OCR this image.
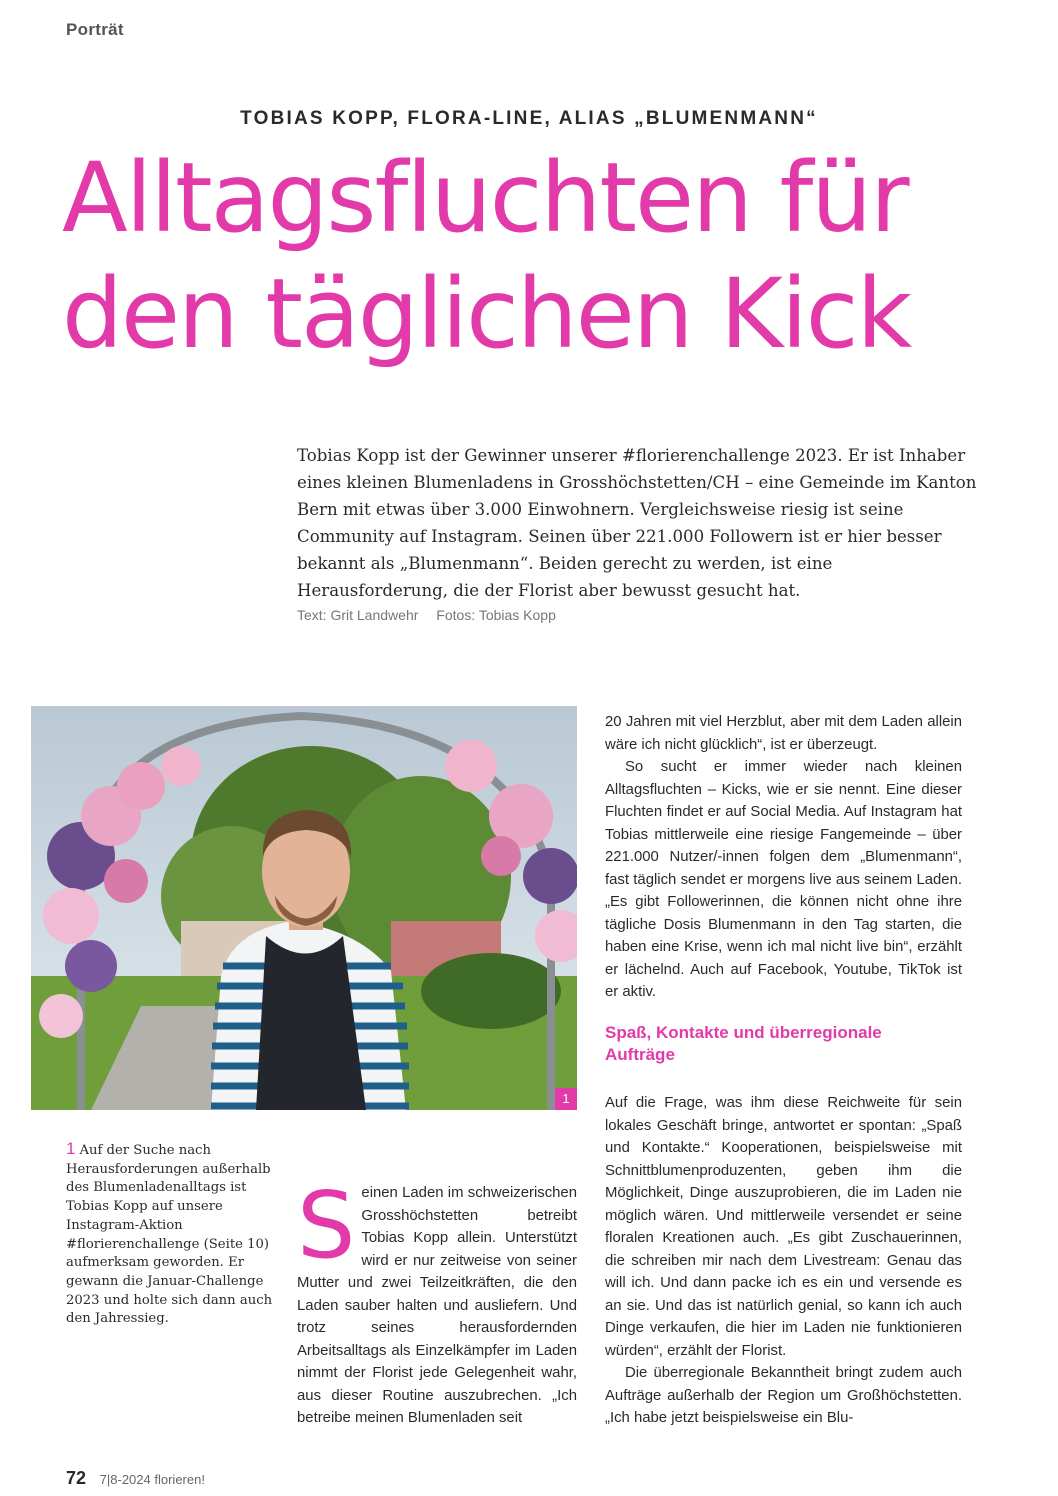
Porträt
TOBIAS KOPP, FLORA-LINE, ALIAS „BLUMENMANN“
Alltagsfluchten für
den täglichen Kick

Tobias Kopp ist der Gewinner unserer #florierenchallenge 2023. Er ist Inhaber eines kleinen Blumenladens in Grosshöchstetten/CH – eine Gemeinde im Kanton Bern mit etwas über 3.000 Einwohnern. Vergleichsweise riesig ist seine Community auf Instagram. Seinen über 221.000 Followern ist er hier besser bekannt als „Blumenmann“. Beiden gerecht zu werden, ist eine Herausforderung, die der Florist aber bewusst gesucht hat.

Text: Grit Landwehr Fotos: Tobias Kopp
1

1 Auf der Suche nach Herausforderungen außerhalb des Blumenladenalltags ist Tobias Kopp auf unsere Instagram-Aktion #florierenchallenge (Seite 10) aufmerksam geworden. Er gewann die Januar-Challenge 2023 und holte sich dann auch den Jahressieg.

Seinen Laden im schweizerischen Grosshöchstetten betreibt Tobias Kopp allein. Unterstützt wird er nur zeitweise von seiner Mutter und zwei Teilzeitkräften, die den Laden sauber halten und ausliefern. Und trotz seines herausfordernden Arbeitsalltags als Einzelkämpfer im Laden nimmt der Florist jede Gelegenheit wahr, aus dieser Routine auszubrechen. „Ich betreibe meinen Blumenladen seit

20 Jahren mit viel Herzblut, aber mit dem Laden allein wäre ich nicht glücklich“, ist er überzeugt.

So sucht er immer wieder nach kleinen Alltagsfluchten – Kicks, wie er sie nennt. Eine dieser Fluchten findet er auf Social Media. Auf Instagram hat Tobias mittlerweile eine riesige Fangemeinde – über 221.000 Nutzer/-innen folgen dem „Blumenmann“, fast täglich sendet er morgens live aus seinem Laden. „Es gibt Followerinnen, die können nicht ohne ihre tägliche Dosis Blumenmann in den Tag starten, die haben eine Krise, wenn ich mal nicht live bin“, erzählt er lächelnd. Auch auf Facebook, Youtube, TikTok ist er aktiv.

Spaß, Kontakte und überregionale Aufträge

Auf die Frage, was ihm diese Reichweite für sein lokales Geschäft bringe, antwortet er spontan: „Spaß und Kontakte.“ Kooperationen, beispielsweise mit Schnittblumenproduzenten, geben ihm die Möglichkeit, Dinge auszuprobieren, die im Laden nie möglich wären. Und mittlerweile versendet er seine floralen Kreationen auch. „Es gibt Zuschauerinnen, die schreiben mir nach dem Livestream: Genau das will ich. Und dann packe ich es ein und versende es an sie. Und das ist natürlich genial, so kann ich auch Dinge verkaufen, die hier im Laden nie funktionieren würden“, erzählt der Florist.

Die überregionale Bekanntheit bringt zudem auch Aufträge außerhalb der Region um Großhöchstetten. „Ich habe jetzt beispielsweise ein Blu-

72 7|8-2024 florieren!
